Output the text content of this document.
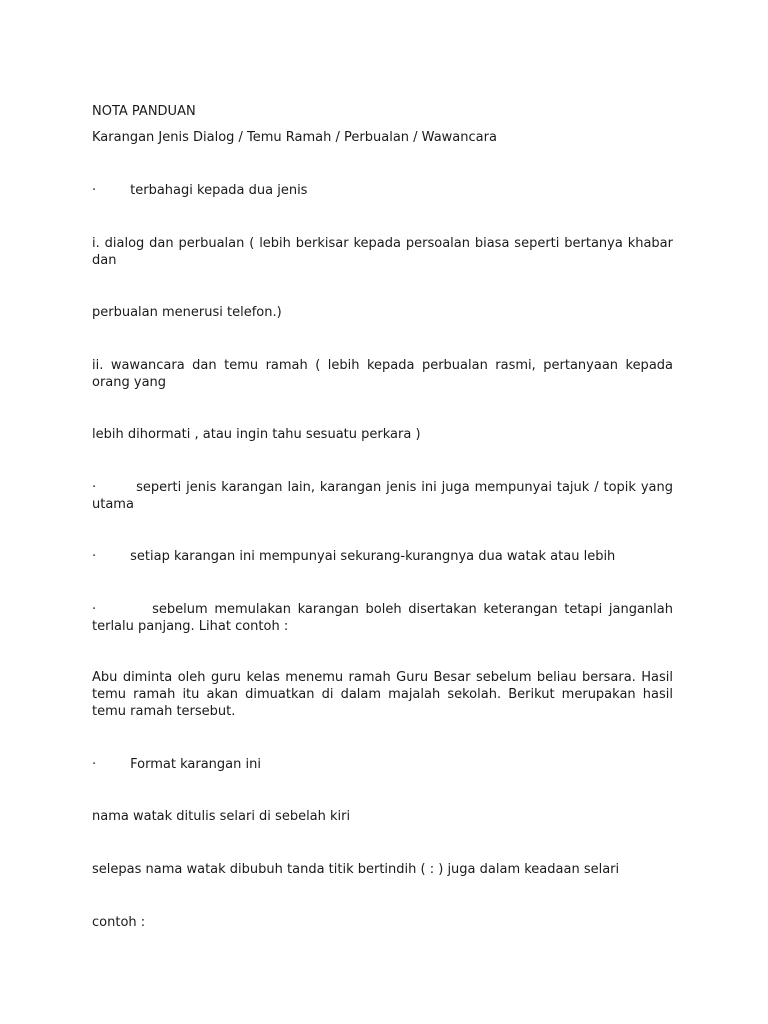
NOTA PANDUAN

Karangan Jenis Dialog / Temu Ramah / Perbualan / Wawancara

·	terbahagi kepada dua jenis

i. dialog dan perbualan ( lebih berkisar kepada persoalan biasa seperti bertanya khabar dan

perbualan menerusi telefon.)

ii. wawancara dan temu ramah ( lebih kepada perbualan rasmi, pertanyaan kepada orang yang

lebih dihormati , atau ingin tahu sesuatu perkara )

·	seperti jenis karangan lain, karangan jenis ini juga mempunyai tajuk / topik yang utama
·	setiap karangan ini mempunyai sekurang-kurangnya dua watak atau lebih
·	sebelum memulakan karangan boleh disertakan keterangan tetapi janganlah terlalu panjang. Lihat contoh :

Abu diminta oleh guru kelas menemu ramah Guru Besar sebelum beliau bersara. Hasil temu ramah itu akan dimuatkan di dalam majalah sekolah. Berikut merupakan hasil temu ramah tersebut.

·	Format karangan ini

nama watak ditulis selari di sebelah kiri

selepas nama watak dibubuh tanda titik bertindih ( : ) juga dalam keadaan selari

contoh :
